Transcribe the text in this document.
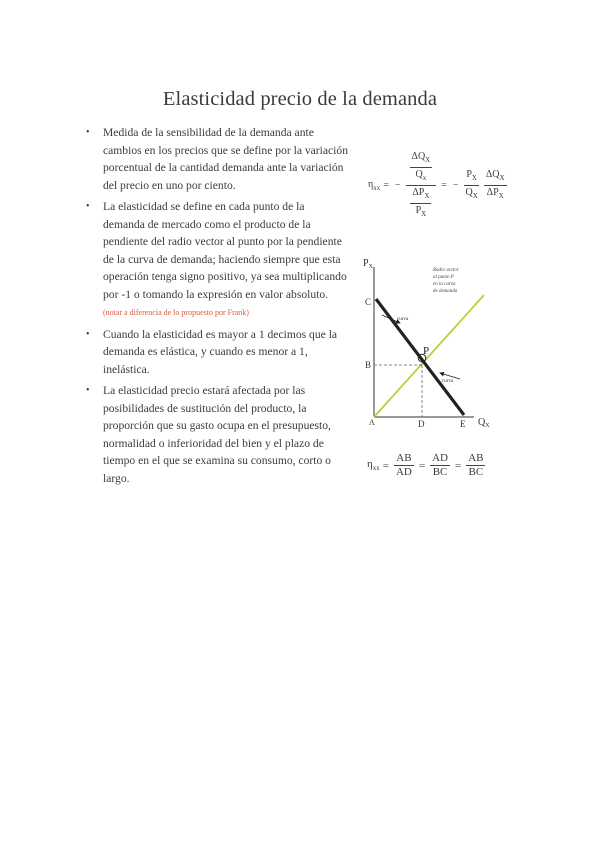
Elasticidad precio de la demanda
• Medida de la sensibilidad de la demanda ante cambios en los precios que se define por la variación porcentual de la cantidad demanda ante la variación del precio en uno por ciento.
• La elasticidad se define en cada punto de la demanda de mercado como el producto de la pendiente del radio vector al punto por la pendiente de la curva de demanda; haciendo siempre que esta operación tenga signo positivo, ya sea multiplicando por -1 o tomando la expresión en valor absoluto. (notar a diferencia de lo propuesto por Frank)
• Cuando la elasticidad es mayor a 1 decimos que la demanda es elástica, y cuando es menor a 1, inelástica.
• La elasticidad precio estará afectada por las posibilidades de sustitución del producto, la proporción que su gasto ocupa en el presupuesto, normalidad o inferioridad del bien y el plazo de tiempo en el que se examina su consumo, corto o largo.
$\eta_{xx}$ = − $\frac{\frac{\Delta Q_X}{Q_x}}{\frac{\Delta P_X}{P_X}}$ = − $\frac{P_X}{Q_X} \frac{\Delta Q_X}{\Delta P_X}$
$P_X$
$Q_X$
C
B
A	D	E
P
curva
curva
Radio vector
al punto P
en la curva
de demanda
$\eta_{xx} = \frac{AB}{AD} = \frac{AD}{BC} = \frac{AB}{BC}$
